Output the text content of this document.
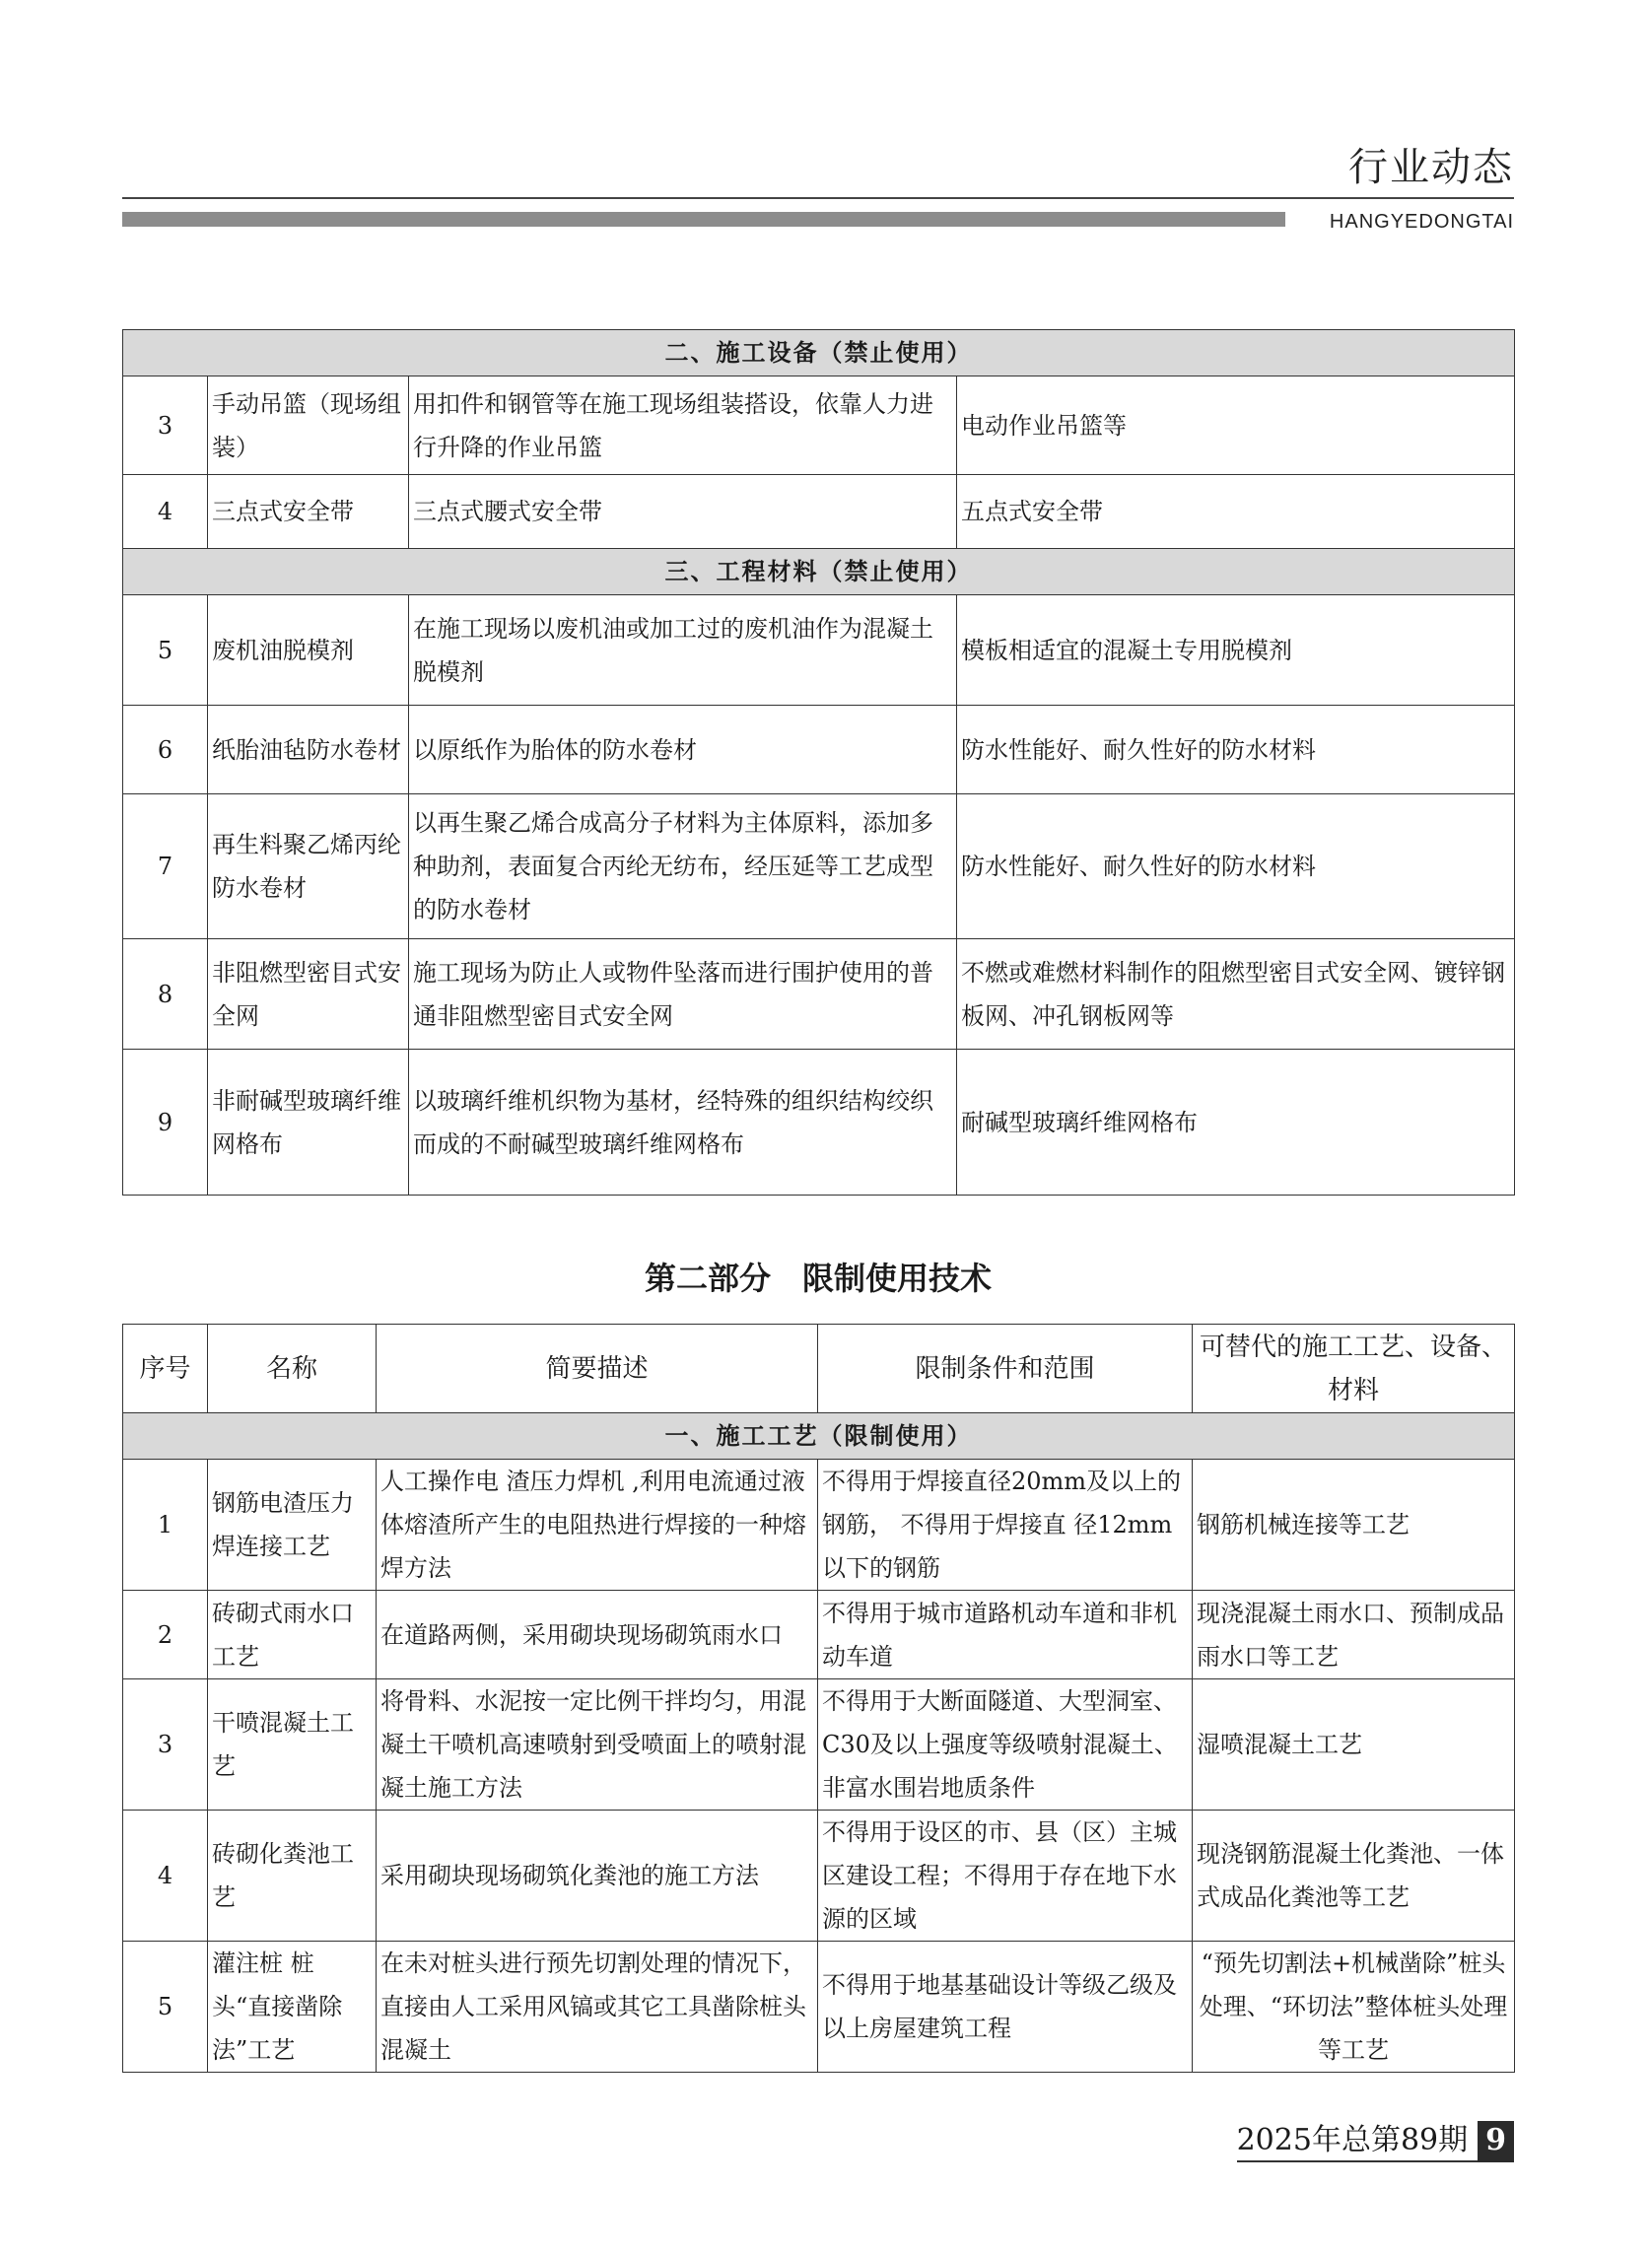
行业动态
HANGYEDONGTAI
二、施工设备（禁止使用）			
3	手动吊篮（现场组装）	用扣件和钢管等在施工现场组装搭设，依靠人力进行升降的作业吊篮	电动作业吊篮等
4	三点式安全带	三点式腰式安全带	五点式安全带
三、工程材料（禁止使用）			
5	废机油脱模剂	在施工现场以废机油或加工过的废机油作为混凝土脱模剂	模板相适宜的混凝土专用脱模剂
6	纸胎油毡防水卷材	以原纸作为胎体的防水卷材	防水性能好、耐久性好的防水材料
7	再生料聚乙烯丙纶防水卷材	以再生聚乙烯合成高分子材料为主体原料，添加多种助剂，表面复合丙纶无纺布，经压延等工艺成型的防水卷材	防水性能好、耐久性好的防水材料
8	非阻燃型密目式安全网	施工现场为防止人或物件坠落而进行围护使用的普通非阻燃型密目式安全网	不燃或难燃材料制作的阻燃型密目式安全网、镀锌钢板网、冲孔钢板网等
9	非耐碱型玻璃纤维网格布	以玻璃纤维机织物为基材，经特殊的组织结构绞织而成的不耐碱型玻璃纤维网格布	耐碱型玻璃纤维网格布
第二部分　限制使用技术
序号	名称	简要描述	限制条件和范围	可替代的施工工艺、设备、材料
一、施工工艺（限制使用）				
1	钢筋电渣压力焊连接工艺	人工操作电 渣压力焊机 ,利用电流通过液体熔渣所产生的电阻热进行焊接的一种熔焊方法	不得用于焊接直径20mm及以上的钢筋， 不得用于焊接直 径12mm 以下的钢筋	钢筋机械连接等工艺
2	砖砌式雨水口工艺	在道路两侧，采用砌块现场砌筑雨水口	不得用于城市道路机动车道和非机动车道	现浇混凝土雨水口、预制成品雨水口等工艺
3	干喷混凝土工艺	将骨料、水泥按一定比例干拌均匀，用混凝土干喷机高速喷射到受喷面上的喷射混凝土施工方法	不得用于大断面隧道、大型洞室、C30及以上强度等级喷射混凝土、非富水围岩地质条件	湿喷混凝土工艺
4	砖砌化粪池工艺	采用砌块现场砌筑化粪池的施工方法	不得用于设区的市、县（区）主城区建设工程；不得用于存在地下水源的区域	现浇钢筋混凝土化粪池、一体式成品化粪池等工艺
5	灌注桩 桩头“直接凿除法”工艺	在未对桩头进行预先切割处理的情况下，直接由人工采用风镐或其它工具凿除桩头混凝土	不得用于地基基础设计等级乙级及以上房屋建筑工程	“预先切割法+机械凿除”桩头处理、“环切法”整体桩头处理等工艺
2025年总第89期 9
